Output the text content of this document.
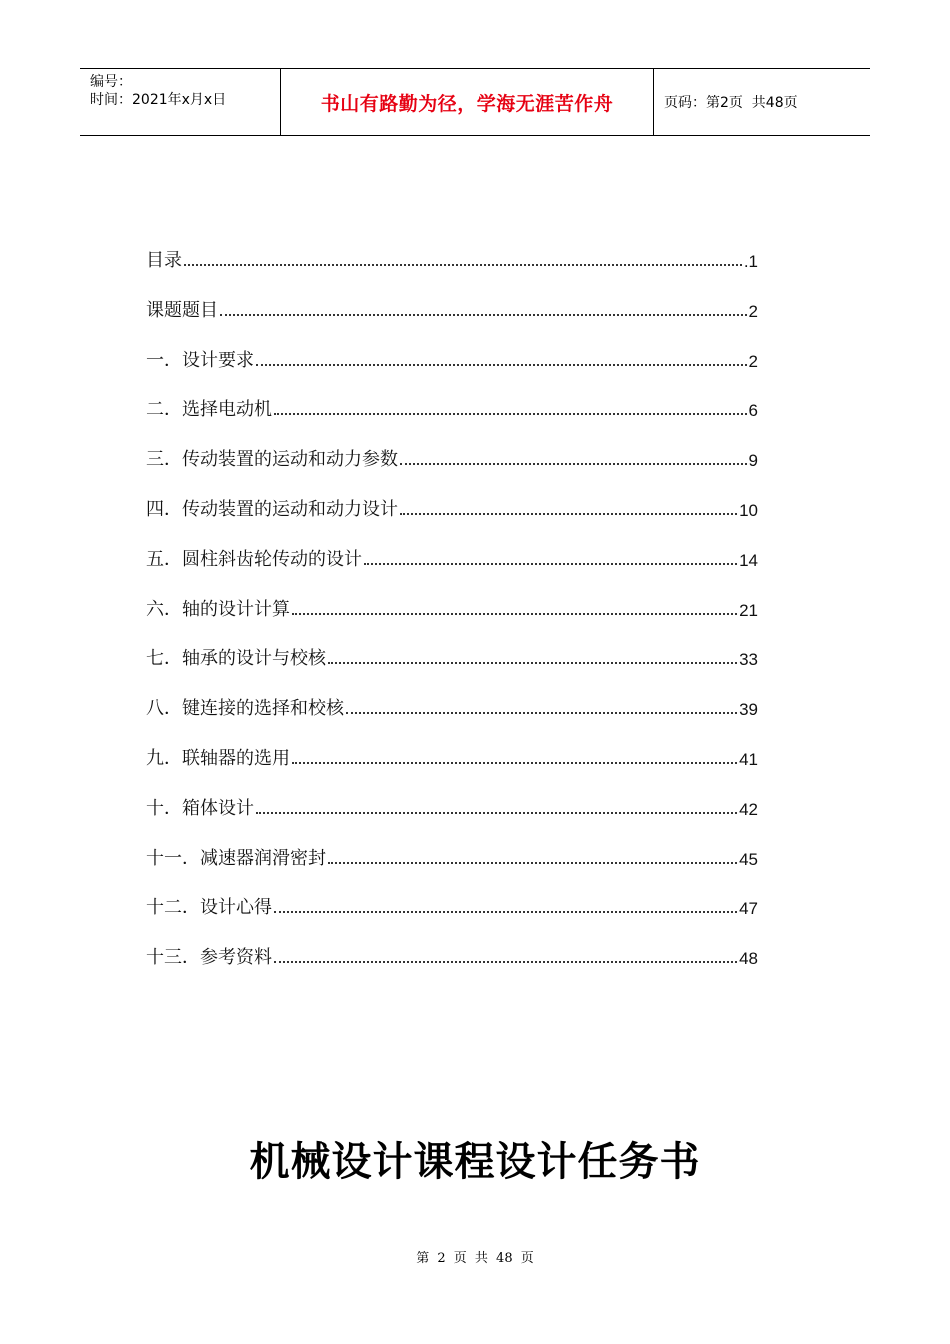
编号：
时间：2021年x月x日	书山有路勤为径，学海无涯苦作舟	页码：第2页  共48页
目录	.1
课题题目	2
一．设计要求	2
二．选择电动机	6
三．传动装置的运动和动力参数	9
四．传动装置的运动和动力设计	10
五．圆柱斜齿轮传动的设计	14
六．轴的设计计算	21
七．轴承的设计与校核	33
八．键连接的选择和校核	39
九．联轴器的选用	41
十．箱体设计	42
十一．减速器润滑密封	45
十二．设计心得	47
十三．参考资料	48
机械设计课程设计任务书
第 2 页 共 48 页
